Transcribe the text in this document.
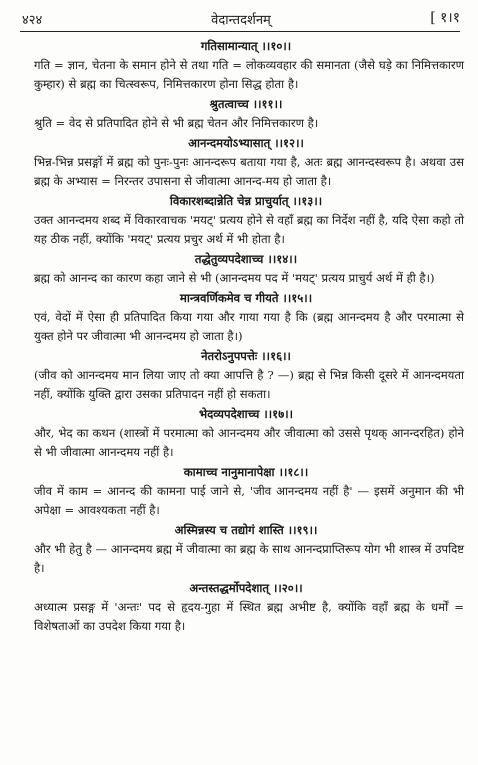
४२४	वेदान्तदर्शनम्	[ १।१
गतिसामान्यात् ।।१०।।

गति = ज्ञान, चेतना के समान होने से तथा गति = लोकव्यवहार की समानता (जैसे घड़े का निमित्तकारण कुम्हार) से ब्रह्म का चित्स्वरूप, निमित्तकारण होना सिद्ध होता है।

श्रुतत्वाच्च ।।११।।

श्रुति = वेद से प्रतिपादित होने से भी ब्रह्म चेतन और निमित्तकारण है।

आनन्दमयोऽभ्यासात् ।।१२।।

भिन्न-भिन्न प्रसङ्गों में ब्रह्म को पुनः-पुनः आनन्दरूप बताया गया है, अतः ब्रह्म आनन्दस्वरूप है। अथवा उस ब्रह्म के अभ्यास = निरन्तर उपासना से जीवात्मा आनन्द-मय हो जाता है।

विकारशब्दान्नेति चेन्न प्राचुर्यात् ।।१३।।

उक्त आनन्दमय शब्द में विकारवाचक 'मयट्' प्रत्यय होने से वहाँ ब्रह्म का निर्देश नहीं है, यदि ऐसा कहो तो यह ठीक नहीं, क्योंकि 'मयट्' प्रत्यय प्रचुर अर्थ में भी होता है।

तद्धेतुव्यपदेशाच्च ।।१४।।

ब्रह्म को आनन्द का कारण कहा जाने से भी (आनन्दमय पद में 'मयट्' प्रत्यय प्राचुर्य अर्थ में ही है।)

मान्त्रवर्णिकमेव च गीयते ।।१५।।

एवं, वेदों में ऐसा ही प्रतिपादित किया गया और गाया गया है कि (ब्रह्म आनन्दमय है और परमात्मा से युक्त होने पर जीवात्मा भी आनन्दमय हो जाता है।)

नेतरोऽनुपपत्तेः ।।१६।।

(जीव को आनन्दमय मान लिया जाए तो क्या आपत्ति है ? —) ब्रह्म से भिन्न किसी दूसरे में आनन्दमयता नहीं, क्योंकि युक्ति द्वारा उसका प्रतिपादन नहीं हो सकता।

भेदव्यपदेशाच्च ।।१७।।

और, भेद का कथन (शास्त्रों में परमात्मा को आनन्दमय और जीवात्मा को उससे पृथक् आनन्दरहित) होने से भी जीवात्मा आनन्दमय नहीं है।

कामाच्च नानुमानापेक्षा ।।१८।।

जीव में काम = आनन्द की कामना पाई जाने से, 'जीव आनन्दमय नहीं है' — इसमें अनुमान की भी अपेक्षा = आवश्यकता नहीं है।

अस्मिन्नस्य च तद्योगं शास्ति ।।१९।।

और भी हेतु है — आनन्दमय ब्रह्म में जीवात्मा का ब्रह्म के साथ आनन्दप्राप्तिरूप योग भी शास्त्र में उपदिष्ट है।

अन्तस्तद्धर्मोपदेशात् ।।२०।।

अध्यात्म प्रसङ्ग में 'अन्तः' पद से हृदय-गुहा में स्थित ब्रह्म अभीष्ट है, क्योंकि वहाँ ब्रह्म के धर्मों = विशेषताओं का उपदेश किया गया है।
